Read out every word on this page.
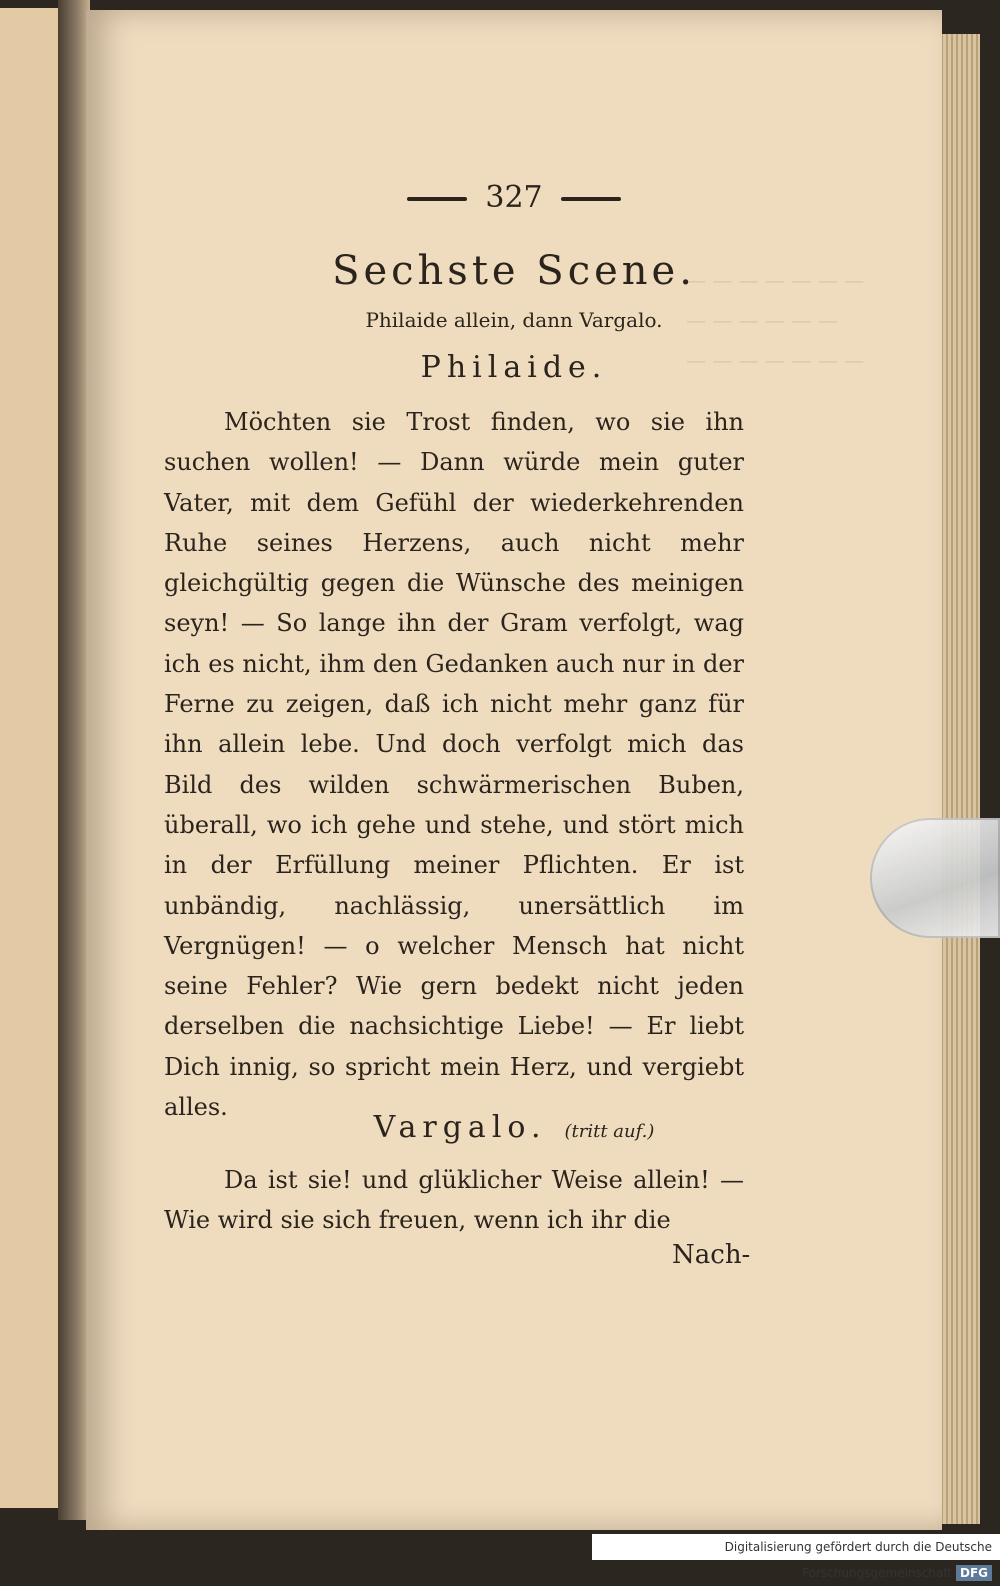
— — — — — — —
— — — — — —
— — — — — — —
327
Sechste Scene.
Philaide allein, dann Vargalo.
Philaide.

Möchten sie Trost finden, wo sie ihn suchen wollen! — Dann würde mein guter Vater, mit dem Gefühl der wiederkehrenden Ruhe seines Herzens, auch nicht mehr gleichgültig gegen die Wünsche des meinigen seyn! — So lange ihn der Gram verfolgt, wag ich es nicht, ihm den Gedanken auch nur in der Ferne zu zeigen, daß ich nicht mehr ganz für ihn allein lebe. Und doch verfolgt mich das Bild des wilden schwärmerischen Buben, überall, wo ich gehe und stehe, und stört mich in der Erfüllung meiner Pflichten. Er ist unbändig, nachlässig, unersättlich im Vergnügen! — o welcher Mensch hat nicht seine Fehler? Wie gern bedekt nicht jeden derselben die nachsichtige Liebe! — Er liebt Dich innig, so spricht mein Herz, und vergiebt alles.

Vargalo. (tritt auf.)

Da ist sie! und glüklicher Weise allein! — Wie wird sie sich freuen, wenn ich ihr die

Nach-
Digitalisierung gefördert durch die Deutsche Forschungsgemeinschaft DFG
